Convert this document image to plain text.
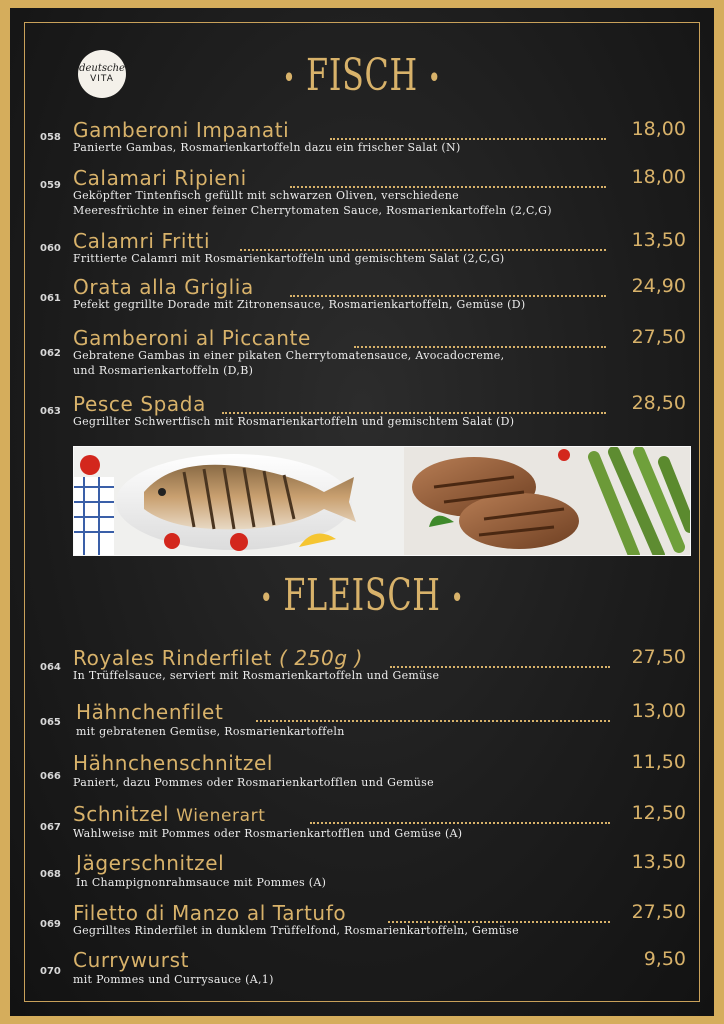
deutsche
VITA	• FISCH •
058 Gamberoni Impanati	18,00
Panierte Gambas, Rosmarienkartoffeln dazu ein frischer Salat (N)
059 Calamari Ripieni	18,00
Geköpfter Tintenfisch gefüllt mit schwarzen Oliven, verschiedene
Meeresfrüchte in einer feiner Cherrytomaten Sauce, Rosmarienkartoffeln (2,C,G)
060 Calamri Fritti	13,50
Frittierte Calamri mit Rosmarienkartoffeln und gemischtem Salat (2,C,G)
061 Orata alla Griglia	24,90
Pefekt gegrillte Dorade mit Zitronensauce, Rosmarienkartoffeln, Gemüse (D)
062
Gamberoni al Piccante	27,50
Gebratene Gambas in einer pikaten Cherrytomatensauce, Avocadocreme,
und Rosmarienkartoffeln (D,B)
063 Pesce Spada	28,50
Gegrillter Schwertfisch mit Rosmarienkartoffeln und gemischtem Salat (D)
• FLEISCH •
064 Royales Rinderfilet ( 250g )	27,50
In Trüffelsauce, serviert mit Rosmarienkartoffeln und Gemüse
065 Hähnchenfilet	13,00
mit gebratenen Gemüse, Rosmarienkartoffeln
066
Hähnchenschnitzel	11,50
Paniert, dazu Pommes oder Rosmarienkartofflen und Gemüse
067
Schnitzel Wienerart	12,50
Wahlweise mit Pommes oder Rosmarienkartofflen und Gemüse (A)
068 Jägerschnitzel	13,50
In Champignonrahmsauce mit Pommes (A)
069 Filetto di Manzo al Tartufo	27,50
Gegrilltes Rinderfilet in dunklem Trüffelfond, Rosmarienkartoffeln, Gemüse
070 Currywurst	9,50
mit Pommes und Currysauce (A,1)
